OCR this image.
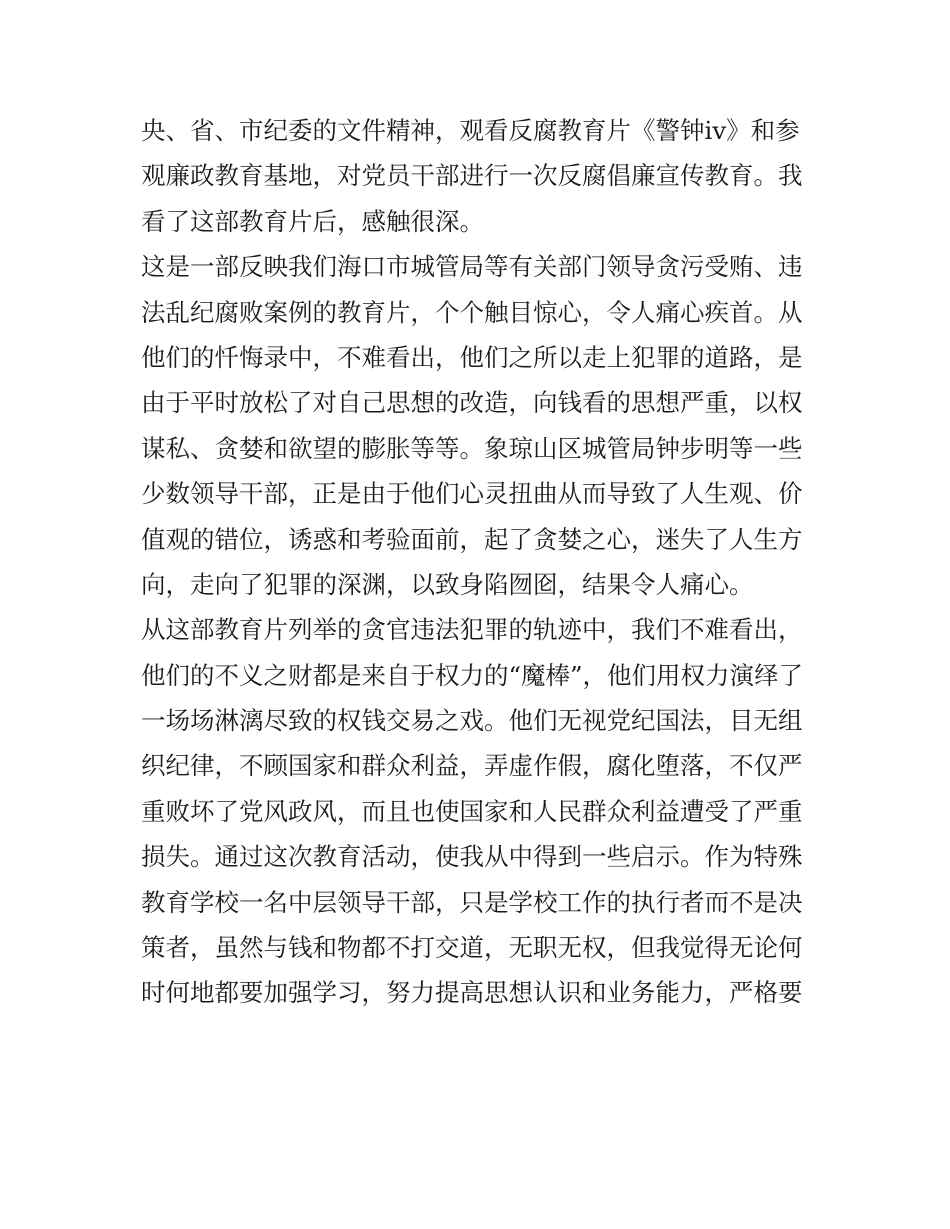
央、省、市纪委的文件精神，观看反腐教育片《警钟ⅳ》和参
观廉政教育基地，对党员干部进行一次反腐倡廉宣传教育。我
看了这部教育片后，感触很深。
这是一部反映我们海口市城管局等有关部门领导贪污受贿、违
法乱纪腐败案例的教育片，个个触目惊心，令人痛心疾首。从
他们的忏悔录中，不难看出，他们之所以走上犯罪的道路，是
由于平时放松了对自己思想的改造，向钱看的思想严重，以权
谋私、贪婪和欲望的膨胀等等。象琼山区城管局钟步明等一些
少数领导干部，正是由于他们心灵扭曲从而导致了人生观、价
值观的错位，诱惑和考验面前，起了贪婪之心，迷失了人生方
向，走向了犯罪的深渊，以致身陷囫囵，结果令人痛心。
从这部教育片列举的贪官违法犯罪的轨迹中，我们不难看出，
他们的不义之财都是来自于权力的“魔棒”，他们用权力演绎了
一场场淋漓尽致的权钱交易之戏。他们无视党纪国法，目无组
织纪律，不顾国家和群众利益，弄虚作假，腐化堕落，不仅严
重败坏了党风政风，而且也使国家和人民群众利益遭受了严重
损失。通过这次教育活动，使我从中得到一些启示。作为特殊
教育学校一名中层领导干部，只是学校工作的执行者而不是决
策者，虽然与钱和物都不打交道，无职无权，但我觉得无论何
时何地都要加强学习，努力提高思想认识和业务能力，严格要
